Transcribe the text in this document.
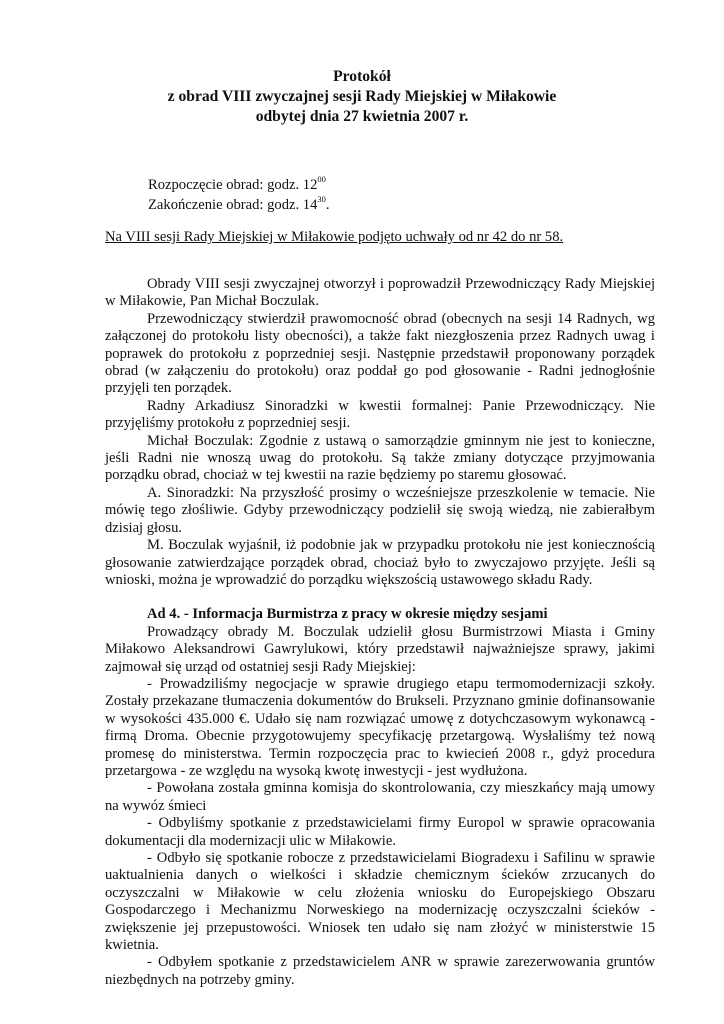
Protokół
z obrad VIII zwyczajnej sesji Rady Miejskiej w Miłakowie
odbytej dnia 27 kwietnia 2007 r.
Rozpoczęcie obrad: godz. $12^{00}$
Zakończenie obrad: godz. $14^{30}$.
Na VIII sesji Rady Miejskiej w Miłakowie podjęto uchwały od nr 42 do nr 58.

Obrady VIII sesji zwyczajnej otworzył i poprowadził Przewodniczący Rady Miejskiej w Miłakowie, Pan Michał Boczulak.

Przewodniczący stwierdził prawomocność obrad (obecnych na sesji 14 Radnych, wg załączonej do protokołu listy obecności), a także fakt niezgłoszenia przez Radnych uwag i poprawek do protokołu z poprzedniej sesji. Następnie przedstawił proponowany porządek obrad (w załączeniu do protokołu) oraz poddał go pod głosowanie - Radni jednogłośnie przyjęli ten porządek.

Radny Arkadiusz Sinoradzki w kwestii formalnej: Panie Przewodniczący. Nie przyjęliśmy protokołu z poprzedniej sesji.

Michał Boczulak: Zgodnie z ustawą o samorządzie gminnym nie jest to konieczne, jeśli Radni nie wnoszą uwag do protokołu. Są także zmiany dotyczące przyjmowania porządku obrad, chociaż w tej kwestii na razie będziemy po staremu głosować.

A. Sinoradzki: Na przyszłość prosimy o wcześniejsze przeszkolenie w temacie. Nie mówię tego złośliwie. Gdyby przewodniczący podzielił się swoją wiedzą, nie zabierałbym dzisiaj głosu.

M. Boczulak wyjaśnił, iż podobnie jak w przypadku protokołu nie jest koniecznością głosowanie zatwierdzające porządek obrad, chociaż było to zwyczajowo przyjęte. Jeśli są wnioski, można je wprowadzić do porządku większością ustawowego składu Rady.

Ad 4. - Informacja Burmistrza z pracy w okresie między sesjami

Prowadzący obrady M. Boczulak udzielił głosu Burmistrzowi Miasta i Gminy Miłakowo Aleksandrowi Gawrylukowi, który przedstawił najważniejsze sprawy, jakimi zajmował się urząd od ostatniej sesji Rady Miejskiej:

- Prowadziliśmy negocjacje w sprawie drugiego etapu termomodernizacji szkoły. Zostały przekazane tłumaczenia dokumentów do Brukseli. Przyznano gminie dofinansowanie w wysokości 435.000 €. Udało się nam rozwiązać umowę z dotychczasowym wykonawcą - firmą Droma. Obecnie przygotowujemy specyfikację przetargową. Wysłaliśmy też nową promesę do ministerstwa. Termin rozpoczęcia prac to kwiecień 2008 r., gdyż procedura przetargowa - ze względu na wysoką kwotę inwestycji - jest wydłużona.

- Powołana została gminna komisja do skontrolowania, czy mieszkańcy mają umowy na wywóz śmieci

- Odbyliśmy spotkanie z przedstawicielami firmy Europol w sprawie opracowania dokumentacji dla modernizacji ulic w Miłakowie.

- Odbyło się spotkanie robocze z przedstawicielami Biogradexu i Safilinu w sprawie uaktualnienia danych o wielkości i składzie chemicznym ścieków zrzucanych do oczyszczalni w Miłakowie w celu złożenia wniosku do Europejskiego Obszaru Gospodarczego i Mechanizmu Norweskiego na modernizację oczyszczalni ścieków - zwiększenie jej przepustowości. Wniosek ten udało się nam złożyć w ministerstwie 15 kwietnia.

- Odbyłem spotkanie z przedstawicielem ANR w sprawie zarezerwowania gruntów niezbędnych na potrzeby gminy.
